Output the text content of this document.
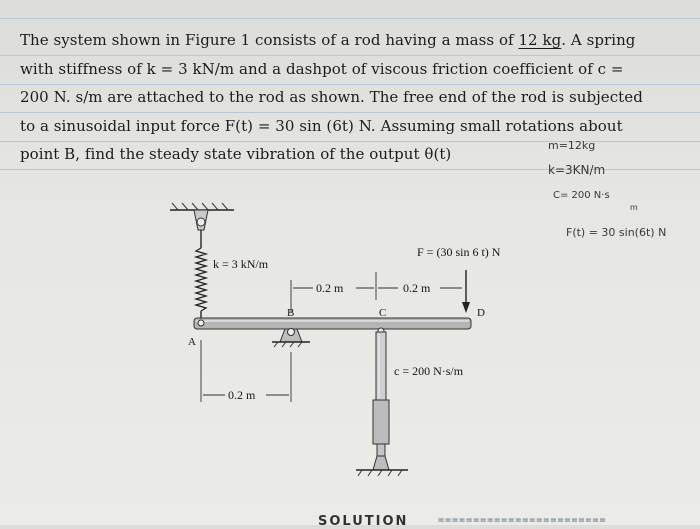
The system shown in Figure 1 consists of a rod having a mass of 12 kg. A spring
with stiffness of k = 3 kN/m and a dashpot of viscous friction coefficient of c =
200 N. s/m are attached to the rod as shown. The free end of the rod is subjected
to a sinusoidal input force F(t) = 30 sin (6t) N. Assuming small rotations about
point B, find the steady state vibration of the output θ(t)	m=12kg
k=3KN/m
C= 200 N·s
m
F(t) = 30 sin(6t) N
k = 3 kN/m
F = (30 sin 6 t) N
0.2 m	0.2 m
B	C	D
A
c = 200 N·s/m
0.2 m
SOLUTION	========================
